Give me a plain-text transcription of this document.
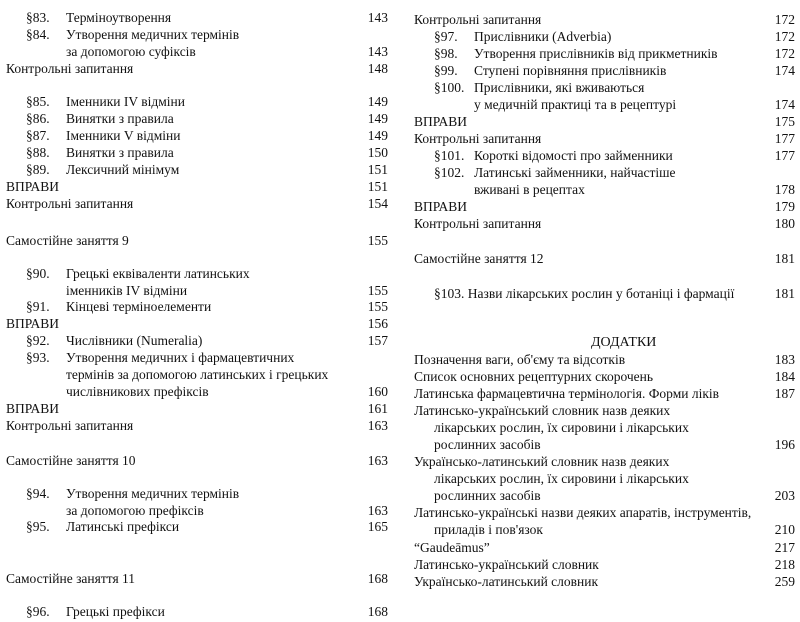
§83. Терміноутворення	143
§84. Утворення медичних термінів
за допомогою суфіксів	143
Контрольні запитання	148
§85. Іменники IV відміни	149
§86. Винятки з правила	149
§87. Іменники V відміни	149
§88. Винятки з правила	150
§89. Лексичний мінімум	151
ВПРАВИ	151
Контрольні запитання	154
Самостійне заняття 9	155
§90. Грецькі еквіваленти латинських
іменників IV відміни	155
§91. Кінцеві терміноелементи	155
ВПРАВИ	156
§92. Числівники (Numeralia)	157
§93. Утворення медичних і фармацевтичних
термінів за допомогою латинських і грецьких
числівникових префіксів	160
ВПРАВИ	161
Контрольні запитання	163
Самостійне заняття 10	163
§94. Утворення медичних термінів
за допомогою префіксів	163
§95. Латинські префікси	165
Самостійне заняття 11	168
§96. Грецькі префікси	168
Контрольні запитання	172
§97. Прислівники (Adverbia)	172
§98. Утворення прислівників від прикметників	172
§99. Ступені порівняння прислівників	174
§100. Прислівники, які вживаються
у медичній практиці та в рецептурі	174
ВПРАВИ	175
Контрольні запитання	177
§101. Короткі відомості про займенники	177
§102. Латинські займенники, найчастіше
вживані в рецептах	178
ВПРАВИ	179
Контрольні запитання	180
Самостійне заняття 12	181
§103. Назви лікарських рослин у ботаніці і фармації	181
ДОДАТКИ
Позначення ваги, об'єму та відсотків	183
Список основних рецептурних скорочень	184
Латинська фармацевтична термінологія. Форми ліків	187
Латинсько-український словник назв деяких
лікарських рослин, їх сировини і лікарських
рослинних засобів	196
Українсько-латинський словник назв деяких
лікарських рослин, їх сировини і лікарських
рослинних засобів	203
Латинсько-українські назви деяких апаратів, інструментів,
приладів і пов'язок	210
“Gaudeāmus”	217
Латинсько-український словник	218
Українсько-латинський словник	259
